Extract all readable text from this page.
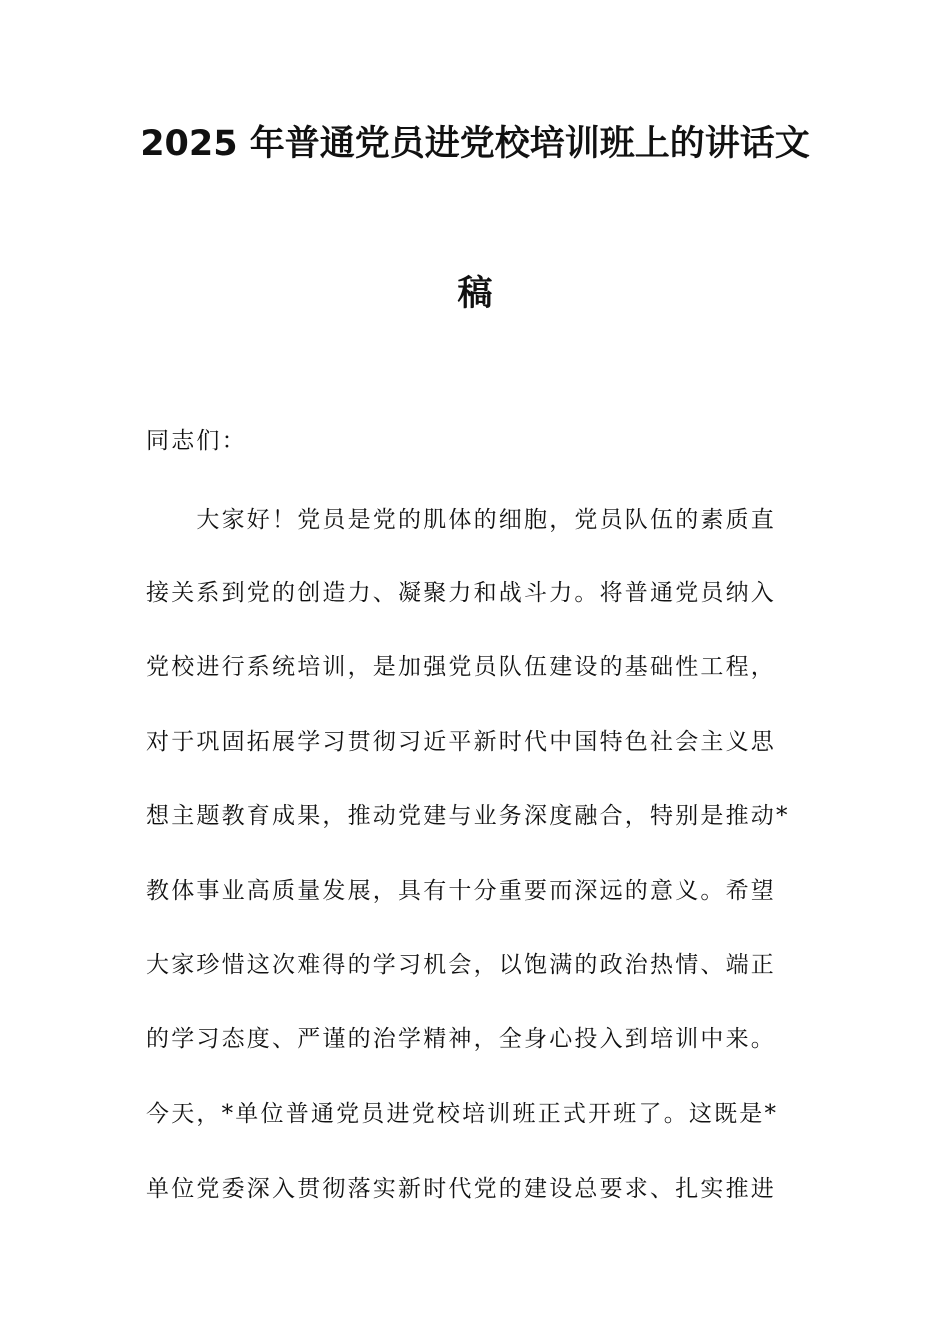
2025 年普通党员进党校培训班上的讲话文
稿
同志们：
　　大家好！党员是党的肌体的细胞，党员队伍的素质直
接关系到党的创造力、凝聚力和战斗力。将普通党员纳入
党校进行系统培训，是加强党员队伍建设的基础性工程，
对于巩固拓展学习贯彻习近平新时代中国特色社会主义思
想主题教育成果，推动党建与业务深度融合，特别是推动*
教体事业高质量发展，具有十分重要而深远的意义。希望
大家珍惜这次难得的学习机会，以饱满的政治热情、端正
的学习态度、严谨的治学精神，全身心投入到培训中来。
今天，*单位普通党员进党校培训班正式开班了。这既是*
单位党委深入贯彻落实新时代党的建设总要求、扎实推进
